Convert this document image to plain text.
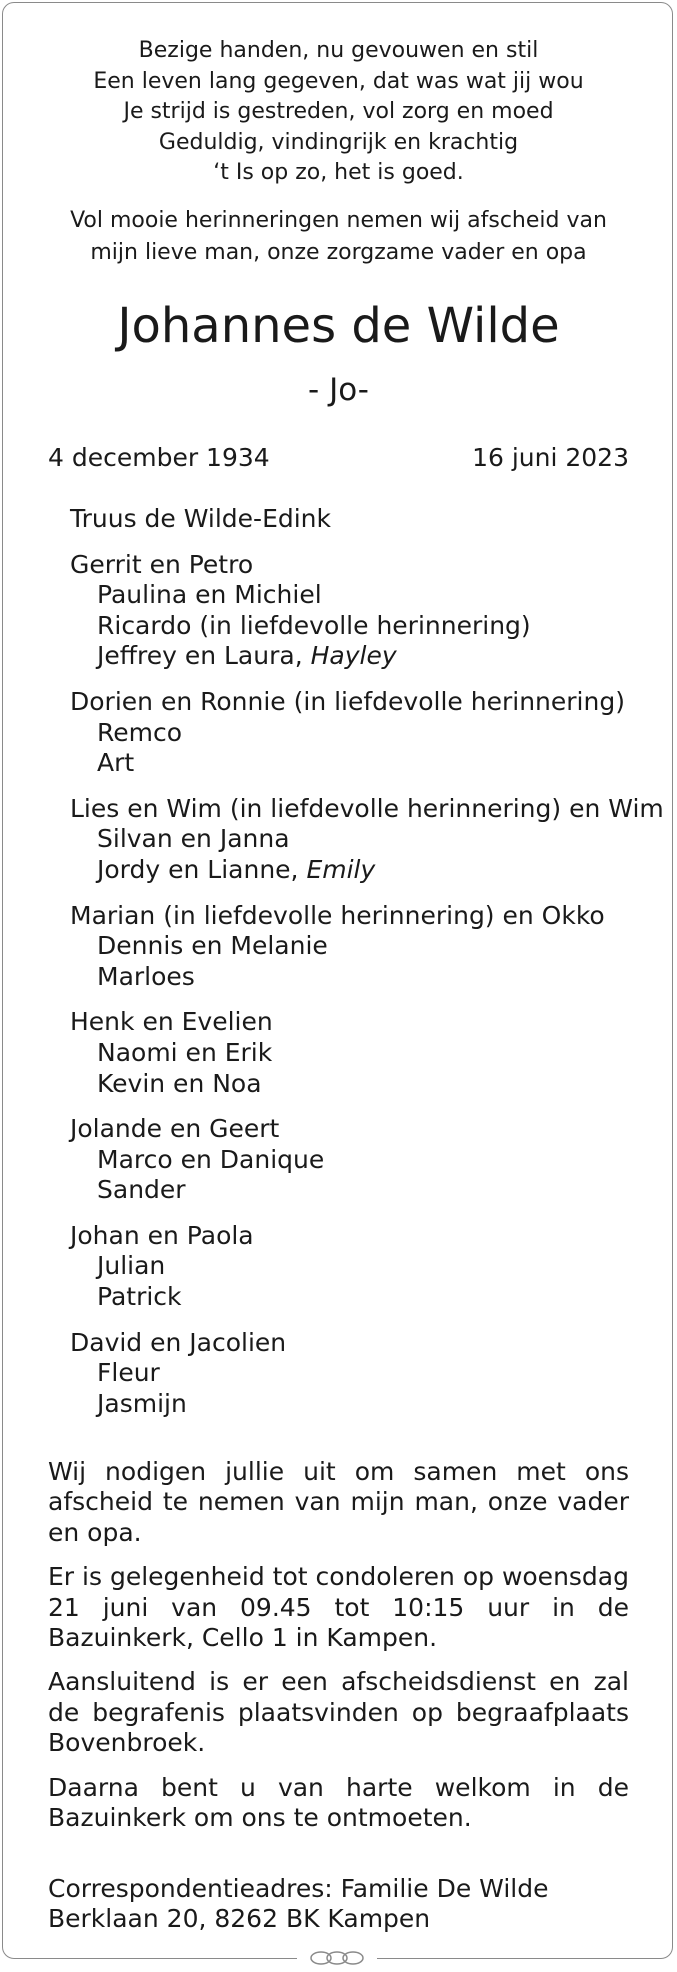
Bezige handen, nu gevouwen en stil
Een leven lang gegeven, dat was wat jij wou
Je strijd is gestreden, vol zorg en moed
Geduldig, vindingrijk en krachtig
‘t Is op zo, het is goed.
Vol mooie herinneringen nemen wij afscheid van
mijn lieve man, onze zorgzame vader en opa
Johannes de Wilde
- Jo-
4 december 1934	16 juni 2023
Truus de Wilde-Edink
Gerrit en Petro
Paulina en Michiel
Ricardo (in liefdevolle herinnering)
Jeffrey en Laura, Hayley
Dorien en Ronnie (in liefdevolle herinnering)
Remco
Art
Lies en Wim (in liefdevolle herinnering) en Wim
Silvan en Janna
Jordy en Lianne, Emily
Marian (in liefdevolle herinnering) en Okko
Dennis en Melanie
Marloes
Henk en Evelien
Naomi en Erik
Kevin en Noa
Jolande en Geert
Marco en Danique
Sander
Johan en Paola
Julian
Patrick
David en Jacolien
Fleur
Jasmijn

Wij nodigen jullie uit om samen met ons afscheid te nemen van mijn man, onze vader en opa.

Er is gelegenheid tot condoleren op woensdag 21 juni van 09.45 tot 10:15 uur in de Bazuinkerk, Cello 1 in Kampen.

Aansluitend is er een afscheidsdienst en zal de begrafenis plaatsvinden op begraafplaats Bovenbroek.

Daarna bent u van harte welkom in de Bazuinkerk om ons te ontmoeten.

Correspondentieadres: Familie De Wilde
Berklaan 20, 8262 BK Kampen
